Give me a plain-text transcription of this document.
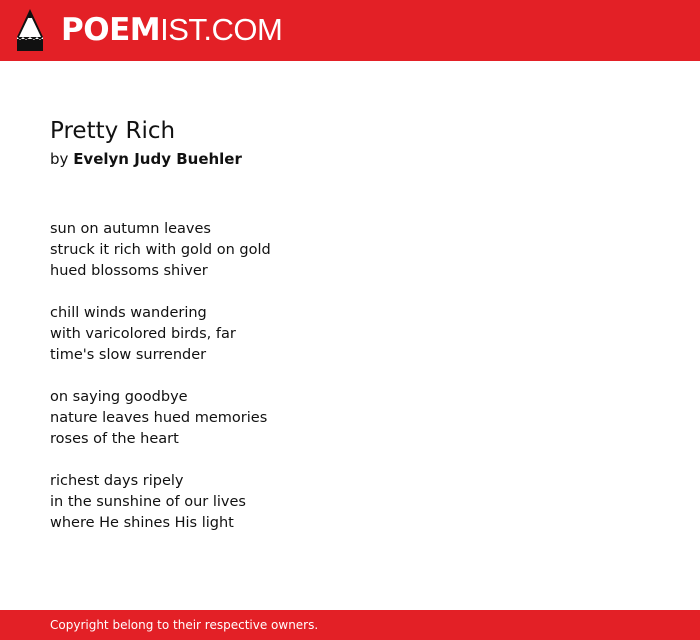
POEMIST.COM
Pretty Rich
by Evelyn Judy Buehler
sun on autumn leaves
struck it rich with gold on gold
hued blossoms shiver
chill winds wandering
with varicolored birds, far
time's slow surrender
on saying goodbye
nature leaves hued memories
roses of the heart
richest days ripely
in the sunshine of our lives
where He shines His light
Copyright belong to their respective owners.
